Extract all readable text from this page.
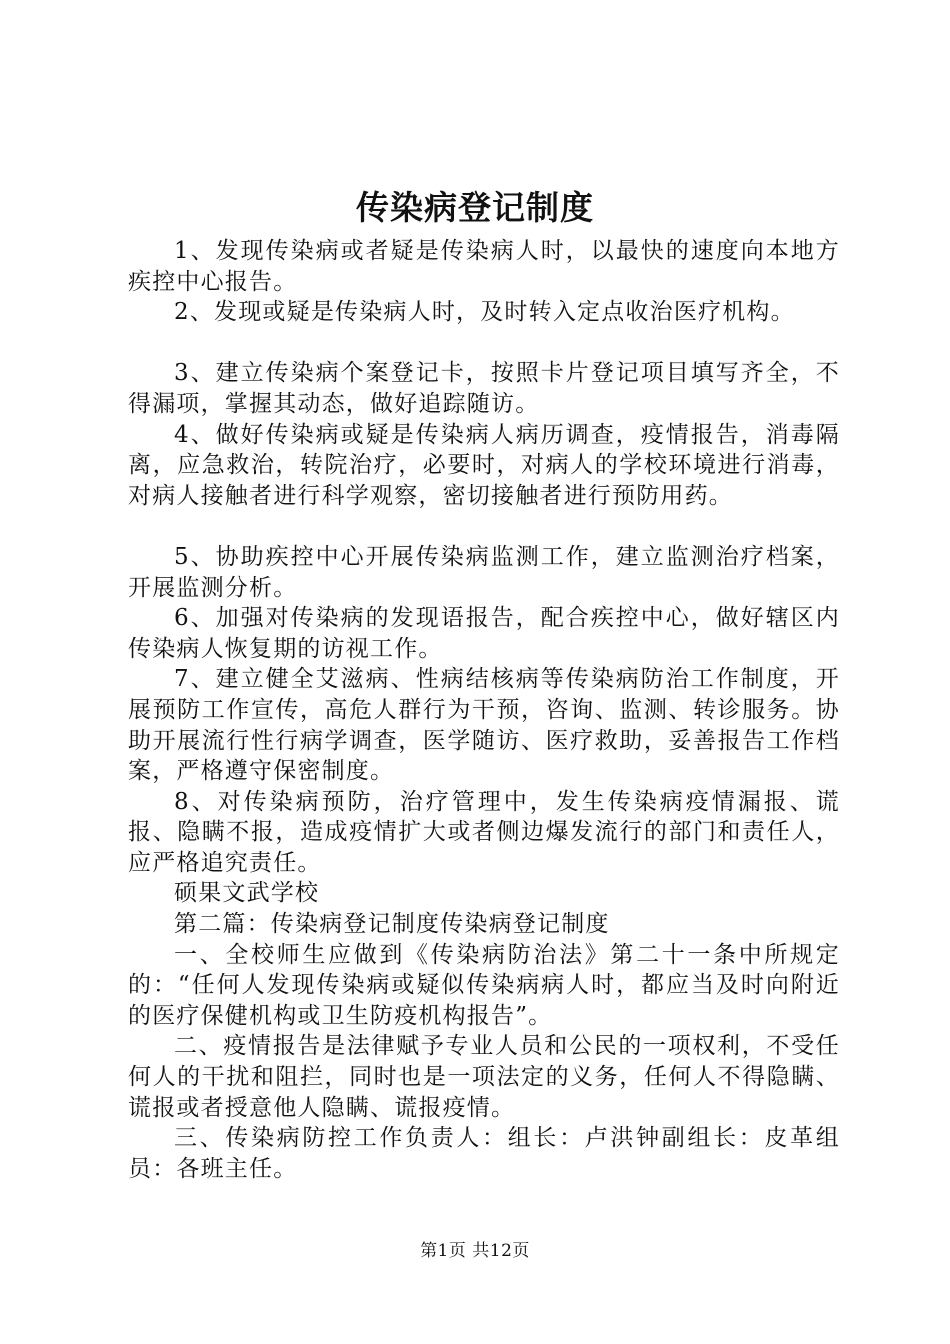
传染病登记制度

1、发现传染病或者疑是传染病人时，以最快的速度向本地方疾控中心报告。

2、发现或疑是传染病人时，及时转入定点收治医疗机构。

3、建立传染病个案登记卡，按照卡片登记项目填写齐全，不得漏项，掌握其动态，做好追踪随访。

4、做好传染病或疑是传染病人病历调查，疫情报告，消毒隔离，应急救治，转院治疗，必要时，对病人的学校环境进行消毒，对病人接触者进行科学观察，密切接触者进行预防用药。

5、协助疾控中心开展传染病监测工作，建立监测治疗档案，开展监测分析。

6、加强对传染病的发现语报告，配合疾控中心，做好辖区内传染病人恢复期的访视工作。

7、建立健全艾滋病、性病结核病等传染病防治工作制度，开展预防工作宣传，高危人群行为干预，咨询、监测、转诊服务。协助开展流行性行病学调查，医学随访、医疗救助，妥善报告工作档案，严格遵守保密制度。

8、对传染病预防，治疗管理中，发生传染病疫情漏报、谎报、隐瞒不报，造成疫情扩大或者侧边爆发流行的部门和责任人，应严格追究责任。

硕果文武学校

第二篇：传染病登记制度传染病登记制度

一、全校师生应做到《传染病防治法》第二十一条中所规定的：“任何人发现传染病或疑似传染病病人时，都应当及时向附近的医疗保健机构或卫生防疫机构报告”。

二、疫情报告是法律赋予专业人员和公民的一项权利，不受任何人的干扰和阻拦，同时也是一项法定的义务，任何人不得隐瞒、谎报或者授意他人隐瞒、谎报疫情。

三、传染病防控工作负责人：组长：卢洪钟副组长：皮革组员：各班主任。

第1页 共12页
